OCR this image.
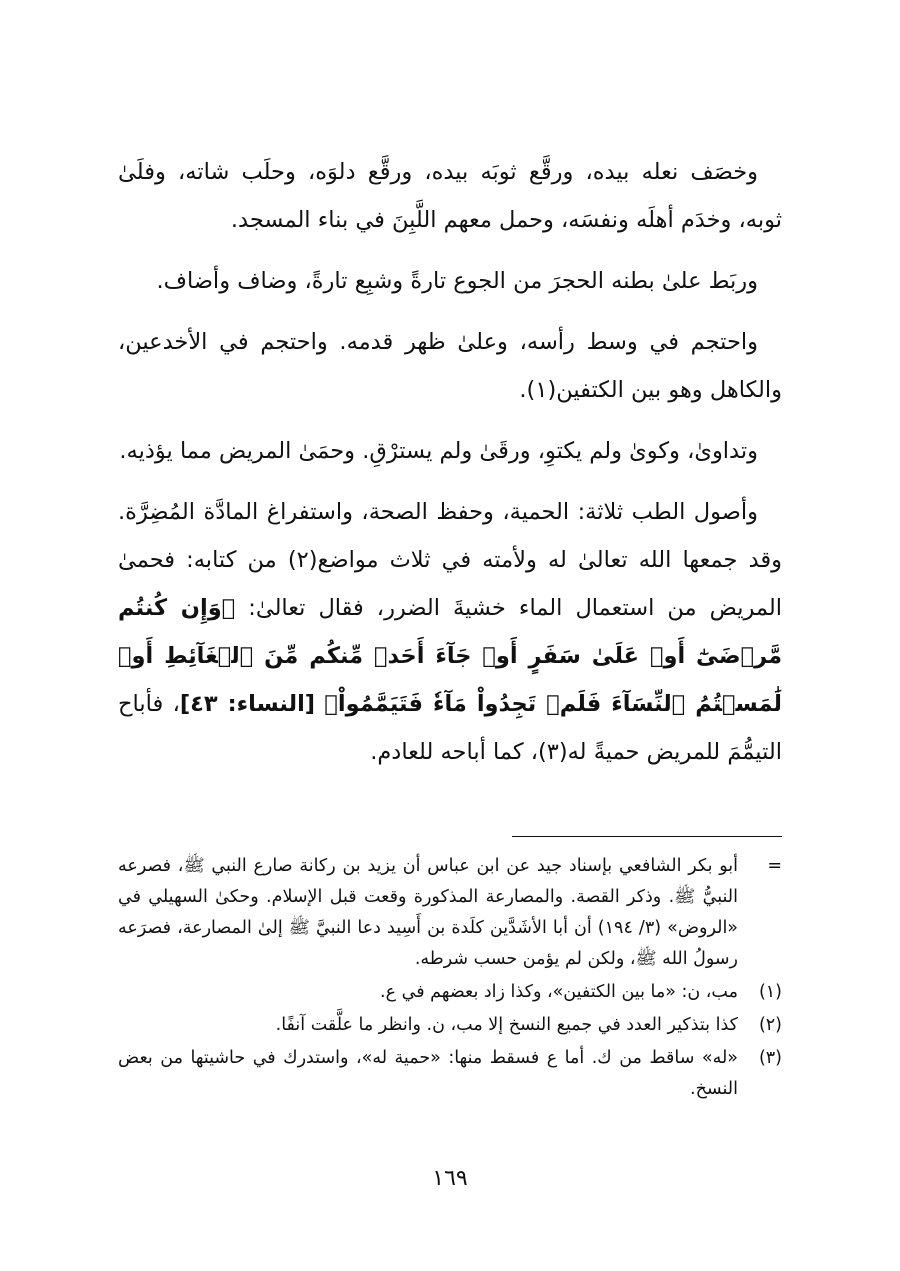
وخصَف نعله بيده، ورقَّع ثوبَه بيده، ورقَّع دلوَه، وحلَب شاته، وفلَىٰ ثوبه، وخدَم أهلَه ونفسَه، وحمل معهم اللَّبِنَ في بناء المسجد.

وربَط علىٰ بطنه الحجرَ من الجوع تارةً وشبِع تارةً، وضاف وأضاف.

واحتجم في وسط رأسه، وعلىٰ ظهر قدمه. واحتجم في الأخدعين، والكاهل وهو بين الكتفين(١).

وتداوىٰ، وكوىٰ ولم يكتوِ، ورقَىٰ ولم يسترْقِ. وحمَىٰ المريض مما يؤذيه.

وأصول الطب ثلاثة: الحمية، وحفظ الصحة، واستفراغ المادَّة المُضِرَّة. وقد جمعها الله تعالىٰ له ولأمته في ثلاث مواضع(٢) من كتابه: فحمىٰ المريض من استعمال الماء خشيةَ الضرر، فقال تعالىٰ: ﴿وَإِن كُنتُم مَّرۡضَىٰٓ أَوۡ عَلَىٰ سَفَرٍ أَوۡ جَآءَ أَحَدٞ مِّنكُم مِّنَ ٱلۡغَآئِطِ أَوۡ لَٰمَسۡتُمُ ٱلنِّسَآءَ فَلَمۡ تَجِدُواْ مَآءٗ فَتَيَمَّمُواْ﴾ [النساء: ٤٣]، فأباح التيمُّمَ للمريض حميةً له(٣)، كما أباحه للعادم.

=
أبو بكر الشافعي بإسناد جيد عن ابن عباس أن يزيد بن ركانة صارع النبي ﷺ، فصرعه النبيُّ ﷺ. وذكر القصة. والمصارعة المذكورة وقعت قبل الإسلام. وحكىٰ السهيلي في «الروض» (٣/ ١٩٤) أن أبا الأشَدَّين كلَدة بن أَسِيد دعا النبيَّ ﷺ إلىٰ المصارعة، فصرَعه رسولُ الله ﷺ، ولكن لم يؤمن حسب شرطه.
(١)
مب، ن: «ما بين الكتفين»، وكذا زاد بعضهم في ع.
(٢)
كذا بتذكير العدد في جميع النسخ إلا مب، ن. وانظر ما علَّقت آنفًا.
(٣)
«له» ساقط من ك. أما ع فسقط منها: «حمية له»، واستدرك في حاشيتها من بعض النسخ.
١٦٩
